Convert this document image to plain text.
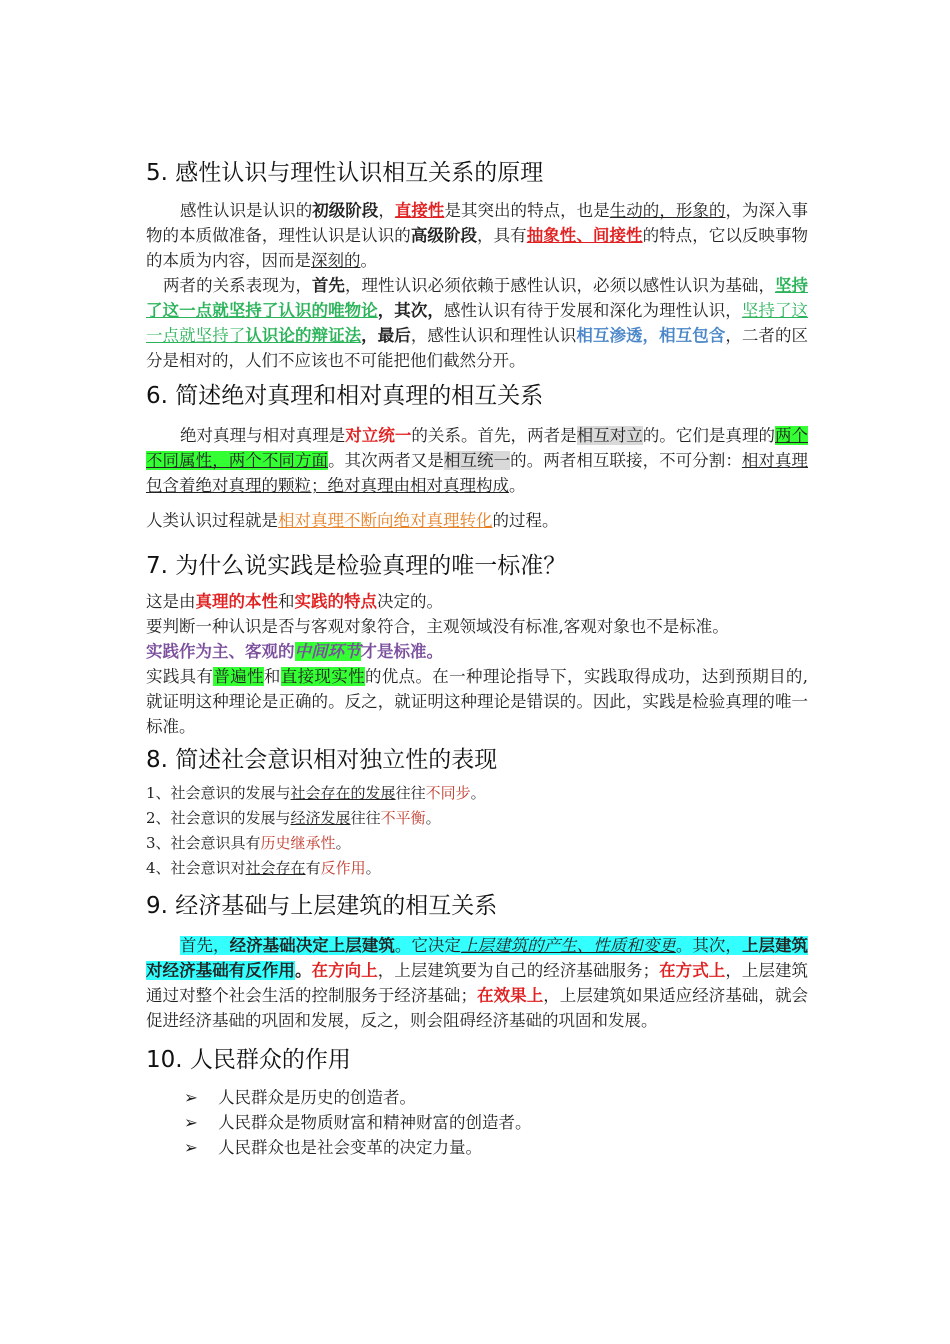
5. 感性认识与理性认识相互关系的原理

感性认识是认识的初级阶段，直接性是其突出的特点，也是生动的，形象的，为深入事物的本质做准备，理性认识是认识的高级阶段，具有抽象性、间接性的特点，它以反映事物的本质为内容，因而是深刻的。

两者的关系表现为，首先，理性认识必须依赖于感性认识，必须以感性认识为基础，坚持了这一点就坚持了认识的唯物论，其次，感性认识有待于发展和深化为理性认识，坚持了这一点就坚持了认识论的辩证法，最后，感性认识和理性认识相互渗透，相互包含，二者的区分是相对的，人们不应该也不可能把他们截然分开。

6. 简述绝对真理和相对真理的相互关系

绝对真理与相对真理是对立统一的关系。首先，两者是相互对立的。它们是真理的两个不同属性，两个不同方面。其次两者又是相互统一的。两者相互联接，不可分割：相对真理包含着绝对真理的颗粒；绝对真理由相对真理构成。

人类认识过程就是相对真理不断向绝对真理转化的过程。

7. 为什么说实践是检验真理的唯一标准？

这是由真理的本性和实践的特点决定的。

要判断一种认识是否与客观对象符合，主观领域没有标准,客观对象也不是标准。

实践作为主、客观的中间环节才是标准。

实践具有普遍性和直接现实性的优点。在一种理论指导下，实践取得成功，达到预期目的,就证明这种理论是正确的。反之，就证明这种理论是错误的。因此，实践是检验真理的唯一标准。

8. 简述社会意识相对独立性的表现

1、社会意识的发展与社会存在的发展往往不同步。

2、社会意识的发展与经济发展往往不平衡。

3、社会意识具有历史继承性。

4、社会意识对社会存在有反作用。

9. 经济基础与上层建筑的相互关系

首先，经济基础决定上层建筑。它决定上层建筑的产生、性质和变更。其次，上层建筑对经济基础有反作用。在方向上，上层建筑要为自己的经济基础服务；在方式上，上层建筑通过对整个社会生活的控制服务于经济基础；在效果上，上层建筑如果适应经济基础，就会促进经济基础的巩固和发展，反之，则会阻碍经济基础的巩固和发展。

10. 人民群众的作用
➢ 人民群众是历史的创造者。
➢ 人民群众是物质财富和精神财富的创造者。
➢ 人民群众也是社会变革的决定力量。
